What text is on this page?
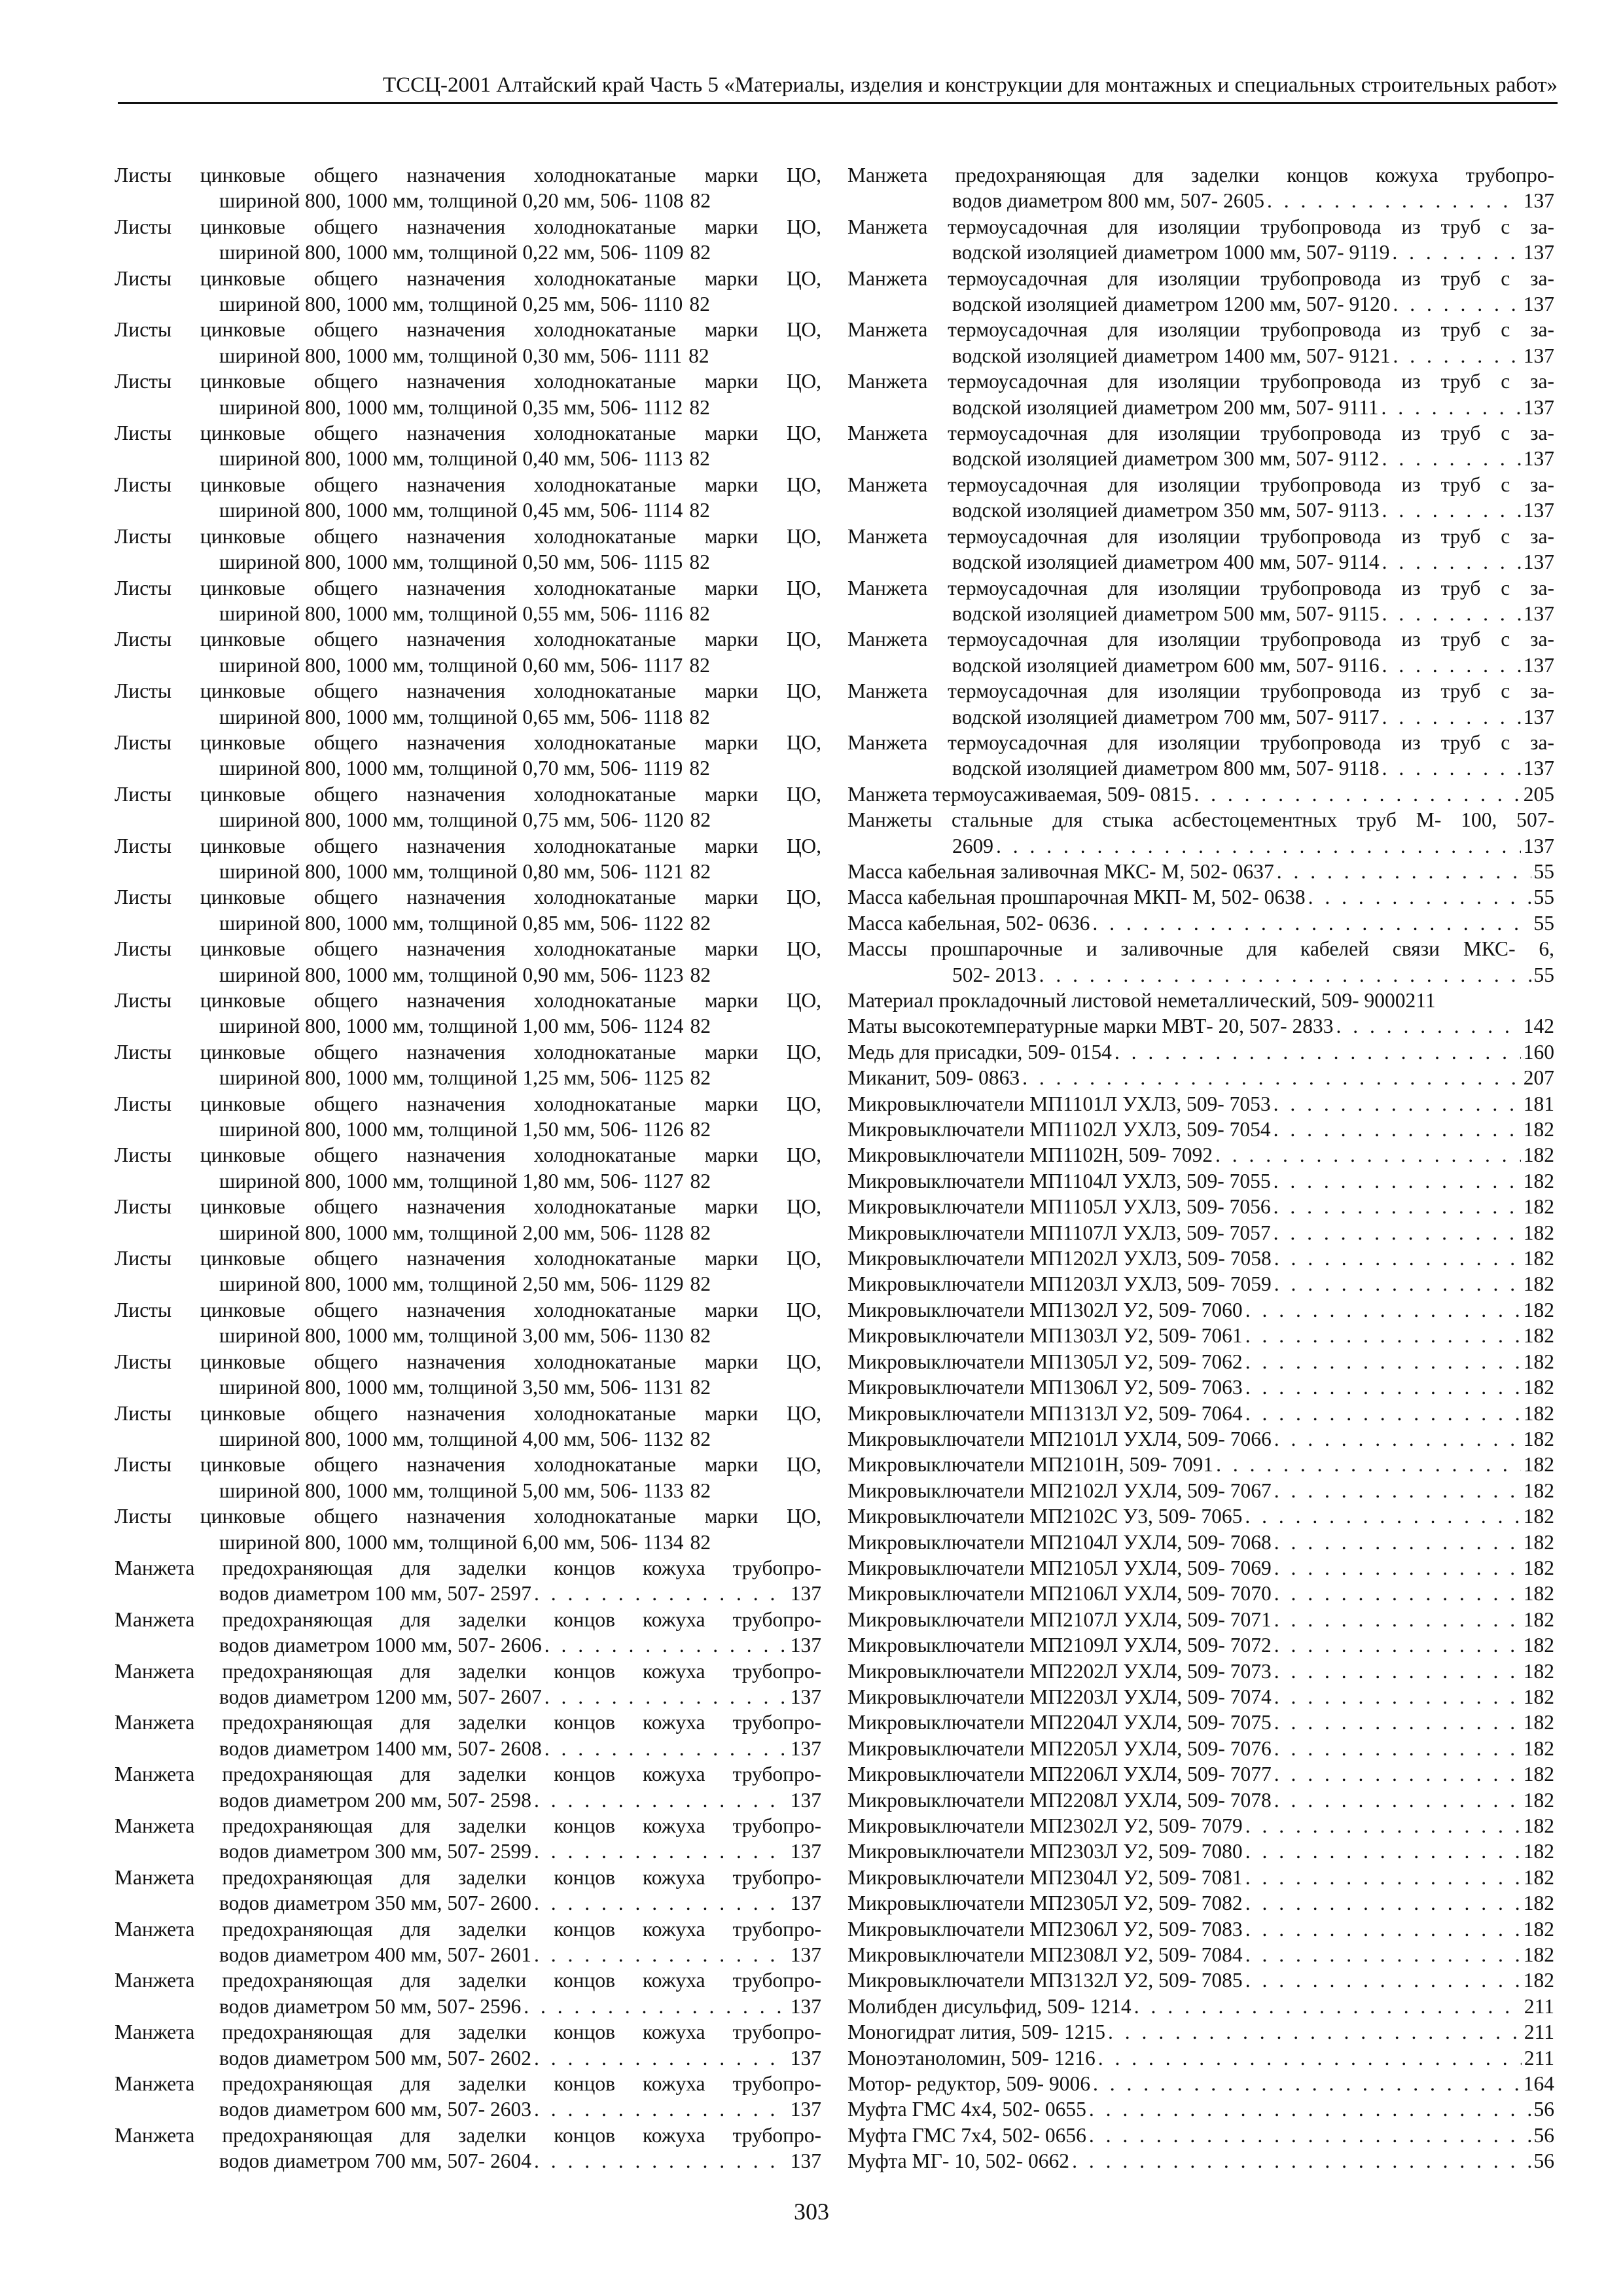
ТССЦ-2001 Алтайский край Часть 5 «Материалы, изделия и конструкции для монтажных и специальных строительных работ»
Листы цинковые общего назначения холоднокатаные марки ЦО,
шириной 800, 1000 мм, толщиной 0,20 мм, 506- 1108 82
Листы цинковые общего назначения холоднокатаные марки ЦО,
шириной 800, 1000 мм, толщиной 0,22 мм, 506- 1109 82
Листы цинковые общего назначения холоднокатаные марки ЦО,
шириной 800, 1000 мм, толщиной 0,25 мм, 506- 1110 82
Листы цинковые общего назначения холоднокатаные марки ЦО,
шириной 800, 1000 мм, толщиной 0,30 мм, 506- 1111 82
Листы цинковые общего назначения холоднокатаные марки ЦО,
шириной 800, 1000 мм, толщиной 0,35 мм, 506- 1112 82
Листы цинковые общего назначения холоднокатаные марки ЦО,
шириной 800, 1000 мм, толщиной 0,40 мм, 506- 1113 82
Листы цинковые общего назначения холоднокатаные марки ЦО,
шириной 800, 1000 мм, толщиной 0,45 мм, 506- 1114 82
Листы цинковые общего назначения холоднокатаные марки ЦО,
шириной 800, 1000 мм, толщиной 0,50 мм, 506- 1115 82
Листы цинковые общего назначения холоднокатаные марки ЦО,
шириной 800, 1000 мм, толщиной 0,55 мм, 506- 1116 82
Листы цинковые общего назначения холоднокатаные марки ЦО,
шириной 800, 1000 мм, толщиной 0,60 мм, 506- 1117 82
Листы цинковые общего назначения холоднокатаные марки ЦО,
шириной 800, 1000 мм, толщиной 0,65 мм, 506- 1118 82
Листы цинковые общего назначения холоднокатаные марки ЦО,
шириной 800, 1000 мм, толщиной 0,70 мм, 506- 1119 82
Листы цинковые общего назначения холоднокатаные марки ЦО,
шириной 800, 1000 мм, толщиной 0,75 мм, 506- 1120 82
Листы цинковые общего назначения холоднокатаные марки ЦО,
шириной 800, 1000 мм, толщиной 0,80 мм, 506- 1121 82
Листы цинковые общего назначения холоднокатаные марки ЦО,
шириной 800, 1000 мм, толщиной 0,85 мм, 506- 1122 82
Листы цинковые общего назначения холоднокатаные марки ЦО,
шириной 800, 1000 мм, толщиной 0,90 мм, 506- 1123 82
Листы цинковые общего назначения холоднокатаные марки ЦО,
шириной 800, 1000 мм, толщиной 1,00 мм, 506- 1124 82
Листы цинковые общего назначения холоднокатаные марки ЦО,
шириной 800, 1000 мм, толщиной 1,25 мм, 506- 1125 82
Листы цинковые общего назначения холоднокатаные марки ЦО,
шириной 800, 1000 мм, толщиной 1,50 мм, 506- 1126 82
Листы цинковые общего назначения холоднокатаные марки ЦО,
шириной 800, 1000 мм, толщиной 1,80 мм, 506- 1127 82
Листы цинковые общего назначения холоднокатаные марки ЦО,
шириной 800, 1000 мм, толщиной 2,00 мм, 506- 1128 82
Листы цинковые общего назначения холоднокатаные марки ЦО,
шириной 800, 1000 мм, толщиной 2,50 мм, 506- 1129 82
Листы цинковые общего назначения холоднокатаные марки ЦО,
шириной 800, 1000 мм, толщиной 3,00 мм, 506- 1130 82
Листы цинковые общего назначения холоднокатаные марки ЦО,
шириной 800, 1000 мм, толщиной 3,50 мм, 506- 1131 82
Листы цинковые общего назначения холоднокатаные марки ЦО,
шириной 800, 1000 мм, толщиной 4,00 мм, 506- 1132 82
Листы цинковые общего назначения холоднокатаные марки ЦО,
шириной 800, 1000 мм, толщиной 5,00 мм, 506- 1133 82
Листы цинковые общего назначения холоднокатаные марки ЦО,
шириной 800, 1000 мм, толщиной 6,00 мм, 506- 1134 82
Манжета предохраняющая для заделки концов кожуха трубопро-
водов диаметром 100 мм, 507- 2597 . . .	137
Манжета предохраняющая для заделки концов кожуха трубопро-
водов диаметром 1000 мм, 507- 2606 . . .	137
Манжета предохраняющая для заделки концов кожуха трубопро-
водов диаметром 1200 мм, 507- 2607 . . .	137
Манжета предохраняющая для заделки концов кожуха трубопро-
водов диаметром 1400 мм, 507- 2608 . . .	137
Манжета предохраняющая для заделки концов кожуха трубопро-
водов диаметром 200 мм, 507- 2598 . . .	137
Манжета предохраняющая для заделки концов кожуха трубопро-
водов диаметром 300 мм, 507- 2599 . . .	137
Манжета предохраняющая для заделки концов кожуха трубопро-
водов диаметром 350 мм, 507- 2600 . . .	137
Манжета предохраняющая для заделки концов кожуха трубопро-
водов диаметром 400 мм, 507- 2601 . . .	137
Манжета предохраняющая для заделки концов кожуха трубопро-
водов диаметром 50 мм, 507- 2596 . . .	137
Манжета предохраняющая для заделки концов кожуха трубопро-
водов диаметром 500 мм, 507- 2602 . . .	137
Манжета предохраняющая для заделки концов кожуха трубопро-
водов диаметром 600 мм, 507- 2603 . . .	137
Манжета предохраняющая для заделки концов кожуха трубопро-
водов диаметром 700 мм, 507- 2604 . . .	137
Манжета предохраняющая для заделки концов кожуха трубопро-
водов диаметром 800 мм, 507- 2605 . . .	137
Манжета термоусадочная для изоляции трубопровода из труб с за-
водской изоляцией диаметром 1000 мм, 507- 9119 . . .	137
Манжета термоусадочная для изоляции трубопровода из труб с за-
водской изоляцией диаметром 1200 мм, 507- 9120 . . .	137
Манжета термоусадочная для изоляции трубопровода из труб с за-
водской изоляцией диаметром 1400 мм, 507- 9121 . . .	137
Манжета термоусадочная для изоляции трубопровода из труб с за-
водской изоляцией диаметром 200 мм, 507- 9111 . . .	137
Манжета термоусадочная для изоляции трубопровода из труб с за-
водской изоляцией диаметром 300 мм, 507- 9112 . . .	137
Манжета термоусадочная для изоляции трубопровода из труб с за-
водской изоляцией диаметром 350 мм, 507- 9113 . . .	137
Манжета термоусадочная для изоляции трубопровода из труб с за-
водской изоляцией диаметром 400 мм, 507- 9114 . . .	137
Манжета термоусадочная для изоляции трубопровода из труб с за-
водской изоляцией диаметром 500 мм, 507- 9115 . . .	137
Манжета термоусадочная для изоляции трубопровода из труб с за-
водской изоляцией диаметром 600 мм, 507- 9116 . . .	137
Манжета термоусадочная для изоляции трубопровода из труб с за-
водской изоляцией диаметром 700 мм, 507- 9117 . . .	137
Манжета термоусадочная для изоляции трубопровода из труб с за-
водской изоляцией диаметром 800 мм, 507- 9118 . . .	137
Манжета термоусаживаемая, 509- 0815 . . .	205
Манжеты стальные для стыка асбестоцементных труб М- 100, 507-
2609 . . .	137
Масса кабельная заливочная МКС- М, 502- 0637 . . .	55
Масса кабельная прошпарочная МКП- М, 502- 0638 . . .	55
Масса кабельная, 502- 0636 . . .	55
Массы прошпарочные и заливочные для кабелей связи МКС- 6,
502- 2013 . . .	55
Материал прокладочный листовой неметаллический, 509- 9000 211
Маты высокотемпературные марки МВТ- 20, 507- 2833 . . .	142
Медь для присадки, 509- 0154 . . .	160
Миканит, 509- 0863 . . .	207
Микровыключатели МП1101Л УХЛ3, 509- 7053 . . .	181
Микровыключатели МП1102Л УХЛ3, 509- 7054 . . .	182
Микровыключатели МП1102Н, 509- 7092 . . .	182
Микровыключатели МП1104Л УХЛ3, 509- 7055 . . .	182
Микровыключатели МП1105Л УХЛ3, 509- 7056 . . .	182
Микровыключатели МП1107Л УХЛ3, 509- 7057 . . .	182
Микровыключатели МП1202Л УХЛ3, 509- 7058 . . .	182
Микровыключатели МП1203Л УХЛ3, 509- 7059 . . .	182
Микровыключатели МП1302Л У2, 509- 7060 . . .	182
Микровыключатели МП1303Л У2, 509- 7061 . . .	182
Микровыключатели МП1305Л У2, 509- 7062 . . .	182
Микровыключатели МП1306Л У2, 509- 7063 . . .	182
Микровыключатели МП1313Л У2, 509- 7064 . . .	182
Микровыключатели МП2101Л УХЛ4, 509- 7066 . . .	182
Микровыключатели МП2101Н, 509- 7091 . . .	182
Микровыключатели МП2102Л УХЛ4, 509- 7067 . . .	182
Микровыключатели МП2102С У3, 509- 7065 . . .	182
Микровыключатели МП2104Л УХЛ4, 509- 7068 . . .	182
Микровыключатели МП2105Л УХЛ4, 509- 7069 . . .	182
Микровыключатели МП2106Л УХЛ4, 509- 7070 . . .	182
Микровыключатели МП2107Л УХЛ4, 509- 7071 . . .	182
Микровыключатели МП2109Л УХЛ4, 509- 7072 . . .	182
Микровыключатели МП2202Л УХЛ4, 509- 7073 . . .	182
Микровыключатели МП2203Л УХЛ4, 509- 7074 . . .	182
Микровыключатели МП2204Л УХЛ4, 509- 7075 . . .	182
Микровыключатели МП2205Л УХЛ4, 509- 7076 . . .	182
Микровыключатели МП2206Л УХЛ4, 509- 7077 . . .	182
Микровыключатели МП2208Л УХЛ4, 509- 7078 . . .	182
Микровыключатели МП2302Л У2, 509- 7079 . . .	182
Микровыключатели МП2303Л У2, 509- 7080 . . .	182
Микровыключатели МП2304Л У2, 509- 7081 . . .	182
Микровыключатели МП2305Л У2, 509- 7082 . . .	182
Микровыключатели МП2306Л У2, 509- 7083 . . .	182
Микровыключатели МП2308Л У2, 509- 7084 . . .	182
Микровыключатели МП3132Л У2, 509- 7085 . . .	182
Молибден дисульфид, 509- 1214 . . .	211
Моногидрат лития, 509- 1215 . . .	211
Моноэтаноломин, 509- 1216 . . .	211
Мотор- редуктор, 509- 9006 . . .	164
Муфта ГМС 4х4, 502- 0655 . . .	56
Муфта ГМС 7х4, 502- 0656 . . .	56
Муфта МГ- 10, 502- 0662 . . .	56
303
